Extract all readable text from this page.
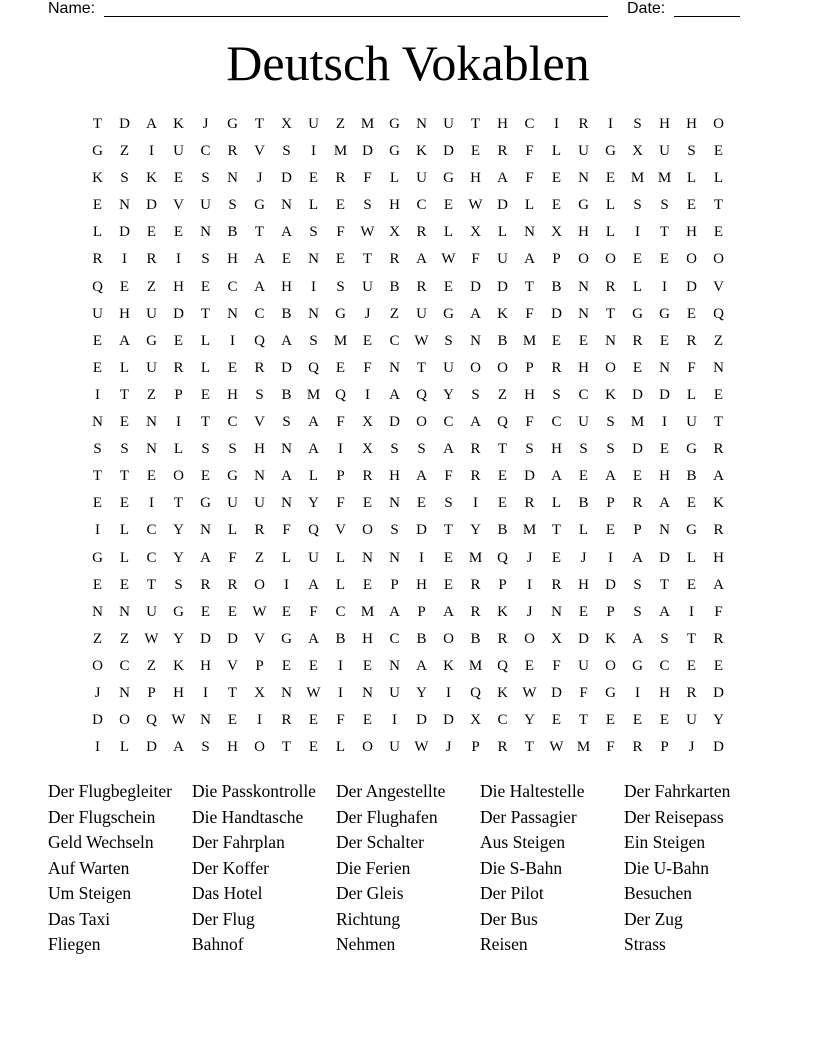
Name:	Date:
Deutsch Vokablen
T	D	A	K	J	G	T	X	U	Z	M G	N	U	T	H	C	I	R	I	S	H	H	O
G	Z	I	U	C	R	V	S	I	M D	G	K	D	E	R	F	L	U	G	X	U	S	E
K	S	K	E	S	N	J	D	E	R	F	L	U	G	H	A	F	E	N	E	M M	L	L
E	N	D	V	U	S	G	N	L	E	S	H	C	E	W D	L	E	G	L	S	S	E	T
L	D	E	E	N	B	T	A	S	F	W X	R	L	X	L	N	X	H	L	I	T	H	E
R	I	R	I	S	H	A	E	N	E	T	R	A W	F	U	A	P	O	O	E	E	O	O
Q	E	Z	H	E	C	A	H	I	S	U	B	R	E	D	D	T	B	N	R	L	I	D	V
U	H	U	D	T	N	C	B	N	G	J	Z	U	G	A	K	F	D	N	T	G	G	E	Q
E	A	G	E	L	I	Q	A	S	M	E	C W	S	N	B	M	E	E	N	R	E	R	Z
E	L	U	R	L	E	R	D	Q	E	F	N	T	U	O	O	P	R	H	O	E	N	F	N
I	T	Z	P	E	H	S	B	M Q	I	A	Q	Y	S	Z	H	S	C	K	D	D	L	E
N	E	N	I	T	C	V	S	A	F	X	D	O	C	A	Q	F	C	U	S	M	I	U	T
S	S	N	L	S	S	H	N	A	I	X	S	S	A	R	T	S	H	S	S	D	E	G	R
T	T	E	O	E	G	N	A	L	P	R	H	A	F	R	E	D	A	E	A	E	H	B	A
E	E	I	T	G	U	U	N	Y	F	E	N	E	S	I	E	R	L	B	P	R	A	E	K
I	L	C	Y	N	L	R	F	Q	V	O	S	D	T	Y	B	M	T	L	E	P	N	G	R
G	L	C	Y	A	F	Z	L	U	L	N	N	I	E	M Q	J	E	J	I	A	D	L	H
E	E	T	S	R	R	O	I	A	L	E	P	H	E	R	P	I	R	H	D	S	T	E	A
N	N	U	G	E	E	W	E	F	C	M A	P	A	R	K	J	N	E	P	S	A	I	F
Z	Z	W Y	D	D	V	G	A	B	H	C	B	O	B	R	O	X	D	K	A	S	T	R
O	C	Z	K	H	V	P	E	E	I	E	N	A	K M Q	E	F	U	O	G	C	E	E
J	N	P	H	I	T	X	N W	I	N	U	Y	I	Q	K W D	F	G	I	H	R	D
D	O	Q W N	E	I	R	E	F	E	I	D	D	X	C	Y	E	T	E	E	E	U	Y
I	L	D	A	S	H	O	T	E	L	O	U W	J	P	R	T	W M	F	R	P	J	D
Der Flugbegleiter	Die Passkontrolle	Der Angestellte	Die Haltestelle	Der Fahrkarten
Der Flugschein	Die Handtasche	Der Flughafen	Der Passagier	Der Reisepass
Geld Wechseln	Der Fahrplan	Der Schalter	Aus Steigen	Ein Steigen
Auf Warten	Der Koffer	Die Ferien	Die S-Bahn	Die U-Bahn
Um Steigen	Das Hotel	Der Gleis	Der Pilot	Besuchen
Das Taxi	Der Flug	Richtung	Der Bus	Der Zug
Fliegen	Bahnof	Nehmen	Reisen	Strass
